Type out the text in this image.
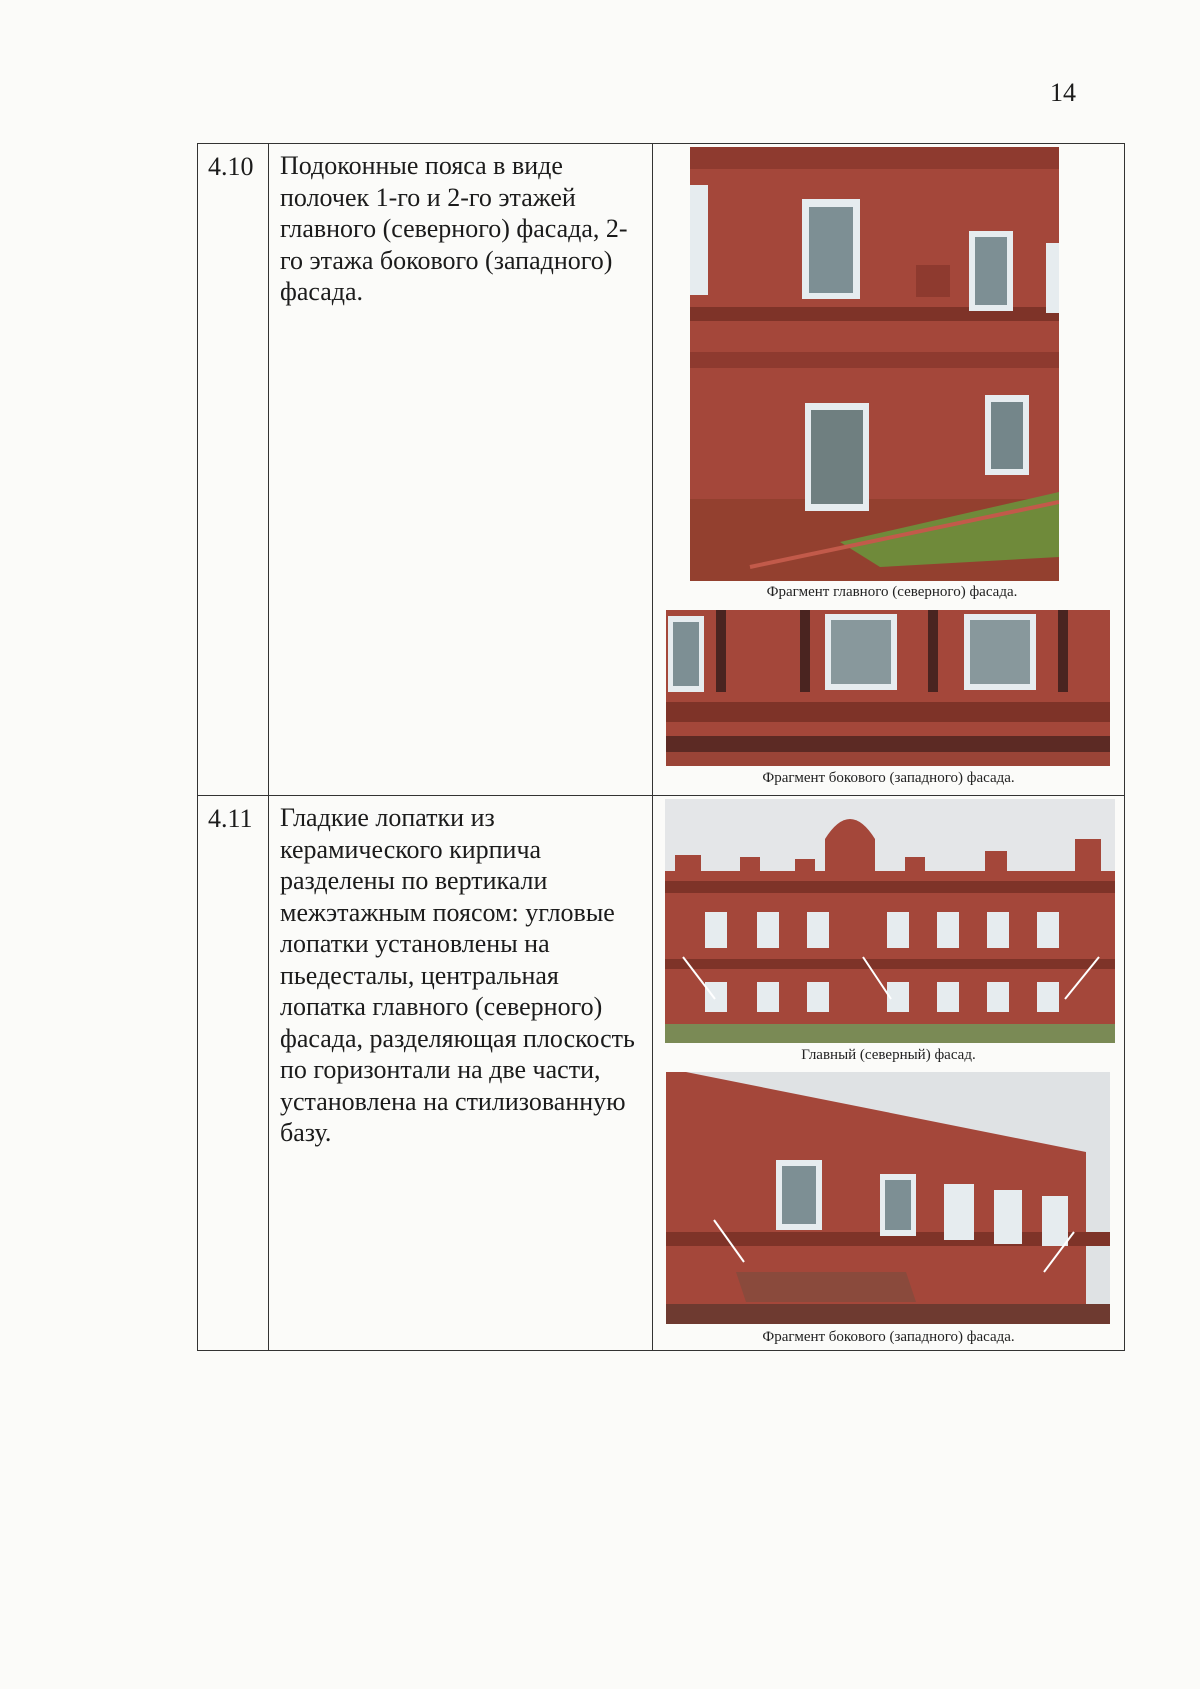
14
4.10	Подоконные пояса в виде полочек 1-го и 2-го этажей главного (северного) фасада, 2-го этажа бокового (западного) фасада.	Фрагмент главного (северного) фасада.
Фрагмент бокового (западного) фасада.

4.11	Гладкие лопатки из керамического кирпича разделены по вертикали межэтажным поясом: угловые лопатки установлены на пьедесталы, центральная лопатка главного (северного) фасада, разделяющая плоскость по горизонтали на две части, установлена на стилизованную базу.	Главный (северный) фасад.
Фрагмент бокового (западного) фасада.
